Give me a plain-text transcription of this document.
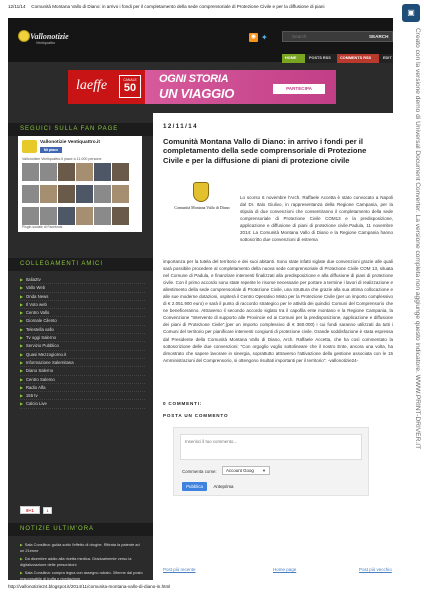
12/11/14 Comunità Montana Vallo di Diano: in arrivo i fondi per il completamento della sede comprensoriale di Protezione Civile e per la diffusione di piani
Vallonotizie
Ventiquattro
◉ ✦
Search	SEARCH
HOME	POSTS RSS	COMMENTS RSS	EDIT
laeffe	CANALE
50
OGNI STORIA
UN VIAGGIO	PARTECIPA
SEGUICI SULLA FAN PAGE
Vallonotizie Ventiquattro.it
Mi piace
Vallonotizie Ventiquattro.it piace a 11.000 persone.

Plugin sociale di Facebook
COLLEGAMENTI AMICI
▶ Italia2tv
▶ Vallo Web
▶ Onda News
▶ Il Voto web
▶ Centro Vallo
▶ Giornale Cilento
▶ Telestella vallo
▶ Tv oggi Salerno
▶ Servizio Pubblico
▶ Quasi Mezzogiorno.it
▶ Informazione Salernitana
▶ Diano Salerno
▶ Centro Salerno
▶ Radio Alfa
▶ 155 tv
▶ Calcio Live
8+1	1
NOTIZIE ULTIM'ORA
▶ Sala Consilina: guida sotto l'effetto di droghe. Ritirata la patente ad un 21enne
▶ Da dicembre addio alla ricetta medica. Gradualmente verso la digitalizzazione delle prescrizioni
▶ Sala Consilina: compra legna con assegno rubato. 39enne dal posto responsabile di truffa e ricettazione
12/11/14
Comunità Montana Vallo di Diano: in arrivo i fondi per il completamento della sede comprensoriale di Protezione Civile e per la diffusione di piani di protezione civile
Comunità Montana Vallo di Diano
Lo scorso 6 novembre l'Arch. Raffaele Accetta è stato convocato a Napoli dal Dr. Italo Giulivo, in rappresentanza della Regione Campania, per la stipula di due convenzioni che consentiranno il completamento della sede comprensoriale di Protezione Civile COM13 e la predisposizione, applicazione e diffusione di piani di protezione civile.Padula, 11 novembre 2014: La Comunità Montana Vallo di Diano e la Regione Campania hanno sottoscritto due convenzioni di estrema
importanza per la tutela del territorio e dei suoi abitanti. Sono state infatti siglate due convenzioni grazie alle quali sarà possibile procedere al completamento della nuova sede comprensoriale di Protezione Civile COM 13, situata nel Comune di Padula, e finanziare interventi finalizzati alla predisposizione e alla diffusione di piani di protezione civile. Con il primo accordo sono state reperite le risorse necessarie per portare a termine i lavori di realizzazione e allestimento della sede comprensoriale di Protezione Civile, una struttura che grazie alla sua ottima collocazione e alle sue moderne dotazioni, ospiterà il Centro Operativo Misto per la Protezione Civile (per un importo complessivo di € 2.051.900 euro) e sarà il punto di raccordo strategico per le attività dei quindici Comuni del Comprensorio che ne beneficeranno. Attraverso il secondo accordo siglato tra il capofila ente montano e la Regione Campania, la Convenzione "Intervento di supporto alle Provincie ed ai Comuni per la predisposizione, applicazione e diffusione dei piani di Protezione Civile",(per un importo complessivo di € 360.000) i cui fondi saranno utilizzati da tutti i Comuni del territorio per pianificare interventi congiunti di protezione civile. Grande soddisfazione è stata espressa dal Presidente della Comunità Montana Vallo di Diano, Arch. Raffaele Accetta, che ha così commentato la sottoscrizione delle due convenzioni: "Con orgoglio voglio sottolineare che il nostro Ente, ancora una volta, ha dimostrato che sapere lavorare in sinergia, soprattutto attraverso l'attivazione della gestione associata con le 15 Amministrazioni del Comprensorio, si ottengono risultati importanti per il territorio". -vallonotizie24-
0 COMMENTI:
POSTA UN COMMENTO
Inserisci il tuo commento...
Commenta come:	Account Goog ▼
Pubblica	Anteprima
Post più recente	Home page	Post più vecchio
http://vallonotizie24.blogspot.it/2014/11/comunita-montana-vallo-di-diano-in.html
▣
Creato con la versione demo di Universal Document Converter. La versione completa non aggiunge questo indicatore. WWW.PRINT-DRIVER.IT
